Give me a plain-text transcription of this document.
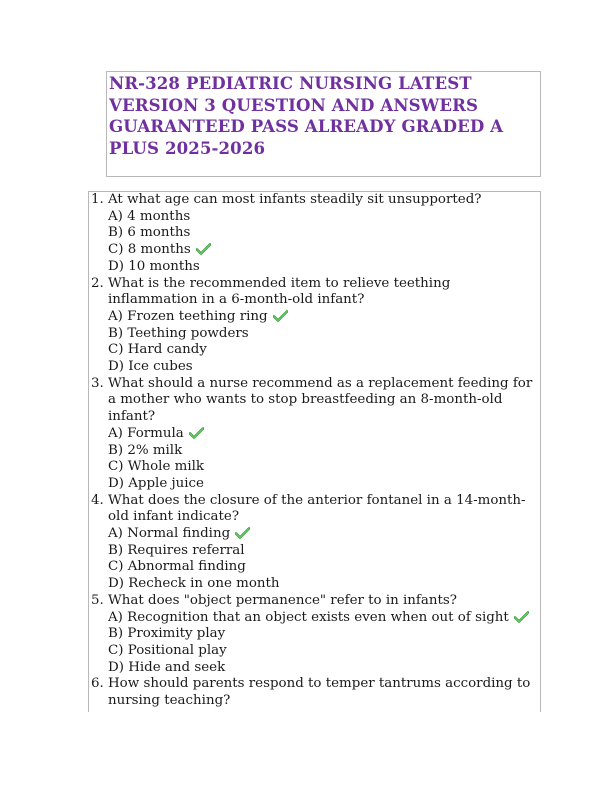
NR-328 PEDIATRIC NURSING LATEST VERSION 3 QUESTION AND ANSWERS GUARANTEED PASS ALREADY GRADED A PLUS 2025-2026

1. At what age can most infants steadily sit unsupported?
A) 4 months
B) 6 months
C) 8 months
D) 10 months
2. What is the recommended item to relieve teething inflammation in a 6-month-old infant?
A) Frozen teething ring
B) Teething powders
C) Hard candy
D) Ice cubes
3. What should a nurse recommend as a replacement feeding for a mother who wants to stop breastfeeding an 8-month-old infant?
A) Formula
B) 2% milk
C) Whole milk
D) Apple juice
4. What does the closure of the anterior fontanel in a 14-month-old infant indicate?
A) Normal finding
B) Requires referral
C) Abnormal finding
D) Recheck in one month
5. What does "object permanence" refer to in infants?
A) Recognition that an object exists even when out of sight
B) Proximity play
C) Positional play
D) Hide and seek
6. How should parents respond to temper tantrums according to nursing teaching?
